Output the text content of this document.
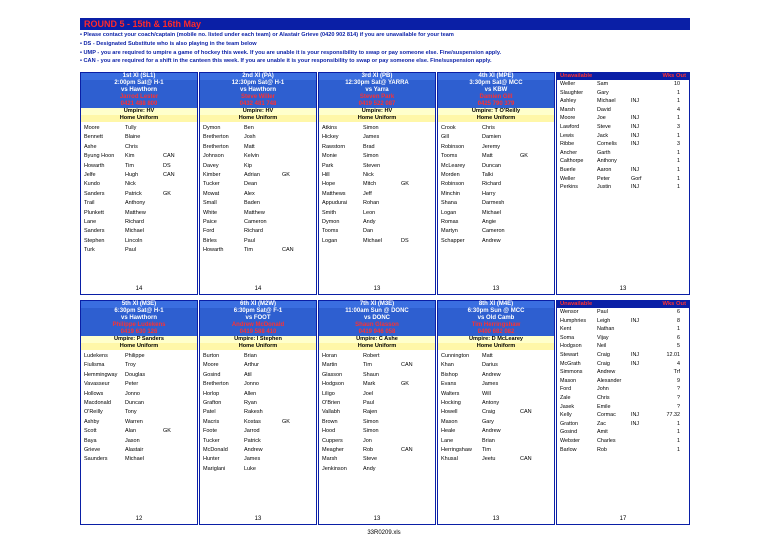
ROUND 5 - 15th & 16th May
• Please contact your coach/captain (mobile no. listed under each team) or Alastair Grieve (0420 902 814) if you are unavailable for your team
• DS - Designated Substitute who is also playing in the team below
• UMP - you are required to umpire a game of hockey this week. If you are unable it is your responsibility to swap or pay someone else. Fine/suspension apply.
• CAN - you are required for a shift in the canteen this week. If you are unable it is your responsibility to swap or pay someone else. Fine/suspension apply.
1st XI (SL1)
2:00pm Sat@ H-1
vs Hawthorn
Jarrod Lester
0421 488 800
Umpire: HV
Home Uniform
Moore	Tully
Bennett	Blaine
Ashe	Chris
Byung Hoon	Kim	CAN
Howarth	Tim	DS
Jelfe	Hugh	CAN
Kundo	Nick
Sanders	Patrick	GK
Trail	Anthony
Plunkett	Matthew
Lane	Richard
Sanders	Michael
Stephen	Lincoln
Turk	Paul
14
2nd XI (PA)
12:30pm Sat@ H-1
vs Hawthorn
Steve Willer
0432 481 748
Umpire: HV
Home Uniform
Dymon	Ben
Bretherton	Josh
Bretherton	Matt
Johnson	Kelvin
Davey	Kip
Kimber	Adrian	GK
Tucker	Dean
Mowat	Alex
Small	Baden
White	Matthew
Paice	Cameron
Ford	Richard
Birles	Paul
Howarth	Tim	CAN
14
3rd XI (PB)
12:30pm Sat@ YARRA
vs Yarra
Steven Park
0419 522 087
Umpire: HV
Home Uniform
Atkins	Simon
Hickey	James
Rawstorn	Brad
Monie	Simon
Park	Steven
Hill	Nick
Hope	Mitch	GK
Matthews	Jeff
Appudurai	Rohan
Smith	Leon
Dymon	Andy
Tooms	Dan
Logan	Michael	DS
13
4th XI (MPE)
3:30pm Sat@ MCC
vs KBW
Damien Gill
0425 790 379
Umpire: T O'Reilly
Home Uniform
Crook	Chris
Gill	Damien
Robinson	Jeremy
Tooms	Matt	GK
McLearey	Duncan
Morden	Talki
Robinson	Richard
Minchin	Harry
Shana	Darmesh
Logan	Michael
Romas	Angie
Martyn	Cameron
Schapper	Andrew
13
Unavailable	Wks Out
Weller	Sam	10
Slaughter	Gary	1
Ashley	Michael	INJ	1
Marsh	David	4
Moore	Joe	INJ	1
Lawford	Steve	INJ	3
Lewis	Jack	INJ	1
Ribbe	Cornelis	INJ	3
Ancher	Garth	1
Calthorpe	Anthony	1
Buerle	Aaron	INJ	1
Weller	Peter	Gorf	1
Perkins	Justin	INJ	1
13
5th XI (M3E)
6:30pm Sat@ H-1
vs Hawthorn
Philippe Ludekens
0419 630 126
Umpire: P Sanders
Home Uniform
Ludekens	Philippe
Fiulisma	Troy
Hemmingway	Douglas
Vavasseur	Peter
Hollows	Jonno
Macdonald	Duncan
O'Reilly	Tony
Ashby	Warren
Scott	Alan	GK
Baya	Jason
Grieve	Alastair
Saunders	Michael
12
6th XI (M2W)
6:30pm Sat@ F-1
vs FOOT
Andrew McDonald
0419 588 410
Umpire: I Stephen
Home Uniform
Burton	Brian
Moore	Arthur
Gosind	Atil
Bretherton	Jonno
Horlop	Allen
Grafton	Ryan
Patel	Rakesh
Macris	Kostas	GK
Foote	Jarrod
Tucker	Patrick
McDonald	Andrew
Hunter	James
Mariglani	Luke
13
7th XI (M3E)
11:00am Sun @ DONC
vs DONC
Shaun Glasson
0419 946 058
Umpire: C Ashe
Home Uniform
Horan	Robert
Martin	Tim	CAN
Glasson	Shaun
Hodgson	Mark	GK
Liligo	Joel
O'Brien	Paul
Vallabh	Rajen
Brown	Simon
Hood	Simon
Cuppers	Jon
Meagher	Rob	CAN
Marsh	Steve
Jenkinson	Andy
13
8th XI (M4E)
6:30pm Sun @ MCC
vs Old Camb
Tim Herringshaw
0400 682 082
Umpire: D McLearey
Home Uniform
Cunnington	Matt
Khan	Darius
Bishop	Andrew
Evans	James
Walters	Will
Hocking	Antony
Howell	Craig	CAN
Mason	Gary
Heale	Andrew
Lane	Brian
Herringshaw	Tim
Khusal	Jeetu	CAN
13
Unavailable	Wks Out
Wensor	Paul	6
Humphries	Leigh	INJ	8
Kent	Nathan	1
Soma	Vijay	6
Hodgson	Neil	5
Stewart	Craig	INJ	12.01
McGrath	Craig	INJ	4
Simmons	Andrew	Trf
Mason	Alexander	9
Ford	John	?
Zale	Chris	?
Jasek	Emile	?
Kelly	Cormac	INJ	77.32
Gratton	Zac	INJ	1
Gosind	Amit	1
Webster	Charles	1
Barlow	Rob	1
17
33R0209.xls
